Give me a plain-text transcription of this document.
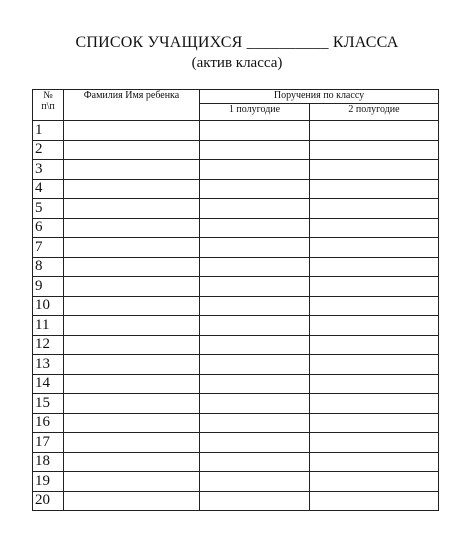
СПИСОК УЧАЩИХСЯ __________ КЛАССА
(актив класса)
№
п\п	Фамилия Имя ребенка	Поручения по классу	
		1 полугодие	2 полугодие
1			
2			
3			
4			
5			
6			
7			
8			
9			
10			
11			
12			
13			
14			
15			
16			
17			
18			
19			
20			
